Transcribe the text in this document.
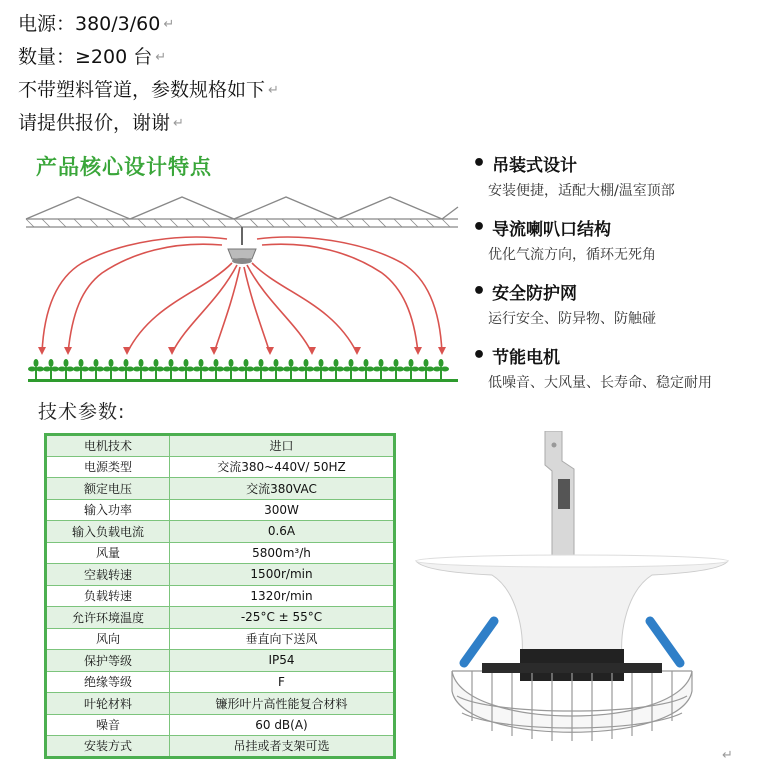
电源：380/3/60 ↵
数量：≥200 台 ↵
不带塑料管道，参数规格如下 ↵
请提供报价，谢谢 ↵
产品核心设计特点	• 吊装式设计
安装便捷，适配大棚/温室顶部
• 导流喇叭口结构
优化气流方向，循环无死角
• 安全防护网
运行安全、防异物、防触碰
• 节能电机
低噪音、大风量、长寿命、稳定耐用
技术参数:
电机技术	进口
电源类型	交流380~440V/ 50HZ
额定电压	交流380VAC
输入功率	300W
输入负载电流	0.6A
风量	5800m³/h
空载转速	1500r/min
负载转速	1320r/min
允许环境温度	-25°C ± 55°C
风向	垂直向下送风
保护等级	IP54
绝缘等级	F
叶轮材料	镰形叶片高性能复合材料
噪音	60 dB(A)
安装方式	吊挂或者支架可选
↵
